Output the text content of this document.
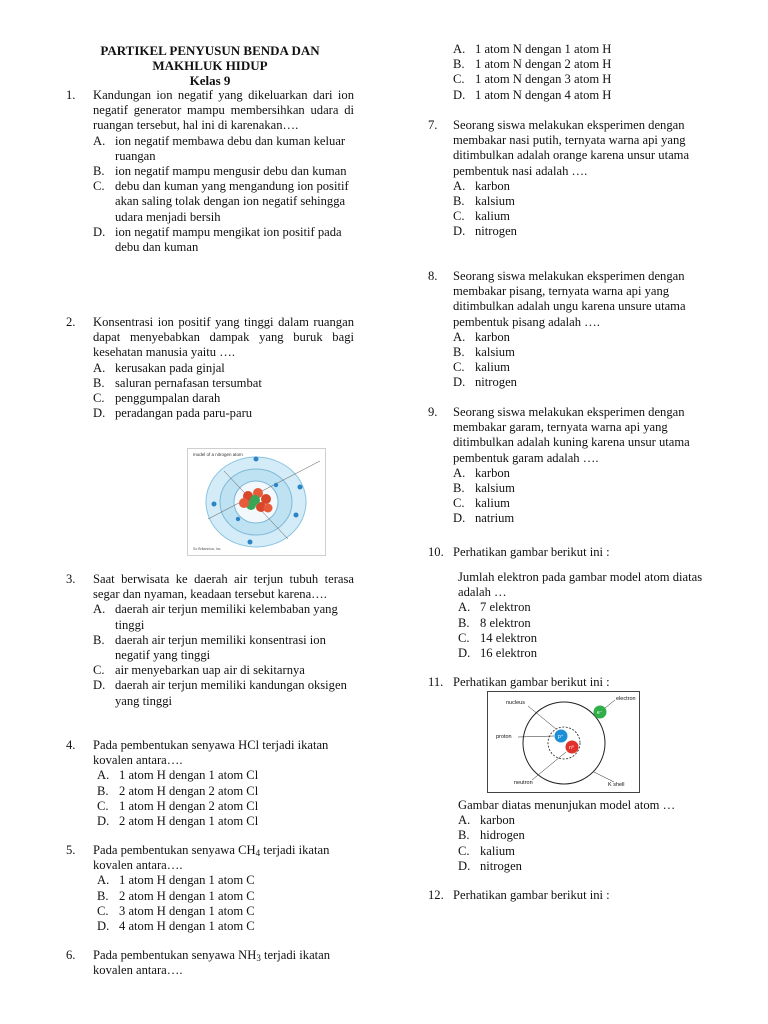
PARTIKEL PENYUSUN BENDA DAN
MAKHLUK HIDUP
Kelas 9
1. Kandungan ion negatif yang dikeluarkan dari ion negatif generator mampu membersihkan udara di ruangan tersebut, hal ini di karenakan….
A. ion negatif membawa debu dan kuman keluar ruangan
B. ion negatif mampu mengusir debu dan kuman
C. debu dan kuman yang mengandung ion positif akan saling tolak dengan ion negatif sehingga udara menjadi bersih
D. ion negatif mampu mengikat ion positif pada debu dan kuman
2. Konsentrasi ion positif yang tinggi dalam ruangan dapat menyebabkan dampak yang buruk bagi kesehatan manusia yaitu ….
A. kerusakan pada ginjal
B. saluran pernafasan tersumbat
C. penggumpalan darah
D. peradangan pada paru-paru
model of a nitrogen atom
So Britannica, Inc.
3. Saat berwisata ke daerah air terjun tubuh terasa segar dan nyaman, keadaan tersebut karena….
A. daerah air terjun memiliki kelembaban yang tinggi
B. daerah air terjun memiliki konsentrasi ion negatif yang tinggi
C. air menyebarkan uap air di sekitarnya
D. daerah air terjun memiliki kandungan oksigen yang tinggi
4. Pada pembentukan senyawa HCl terjadi ikatan kovalen antara….
A. 1 atom H dengan 1 atom Cl
B. 2 atom H dengan 2 atom Cl
C. 1 atom H dengan 2 atom Cl
D. 2 atom H dengan 1 atom Cl
5. Pada pembentukan senyawa $CH_4$ terjadi ikatan kovalen antara….
A. 1 atom H dengan 1 atom C
B. 2 atom H dengan 1 atom C
C. 3 atom H dengan 1 atom C
D. 4 atom H dengan 1 atom C
6. Pada pembentukan senyawa $NH_3$ terjadi ikatan kovalen antara….
A. 1 atom N dengan 1 atom H
B. 1 atom N dengan 2 atom H
C. 1 atom N dengan 3 atom H
D. 1 atom N dengan 4 atom H
7. Seorang siswa melakukan eksperimen dengan membakar nasi putih, ternyata warna api yang ditimbulkan adalah orange karena unsur utama pembentuk nasi adalah ….
A. karbon
B. kalsium
C. kalium
D. nitrogen
8. Seorang siswa melakukan eksperimen dengan membakar pisang, ternyata warna api yang ditimbulkan adalah ungu karena unsure utama pembentuk pisang adalah ….
A. karbon
B. kalsium
C. kalium
D. nitrogen
9. Seorang siswa melakukan eksperimen dengan membakar garam, ternyata warna api yang ditimbulkan adalah kuning karena unsur utama pembentuk garam adalah ….
A. karbon
B. kalsium
C. kalium
D. natrium
10. Perhatikan gambar berikut ini :
Jumlah elektron pada gambar model atom diatas adalah …
A. 7 elektron
B. 8 elektron
C. 14 elektron
D. 16 elektron
11. Perhatikan gambar berikut ini :
e⁻
p⁺
n⁰
nucleus
electron
proton
neutron	K shell
Gambar diatas menunjukan model atom …
A. karbon
B. hidrogen
C. kalium
D. nitrogen
12. Perhatikan gambar berikut ini :
